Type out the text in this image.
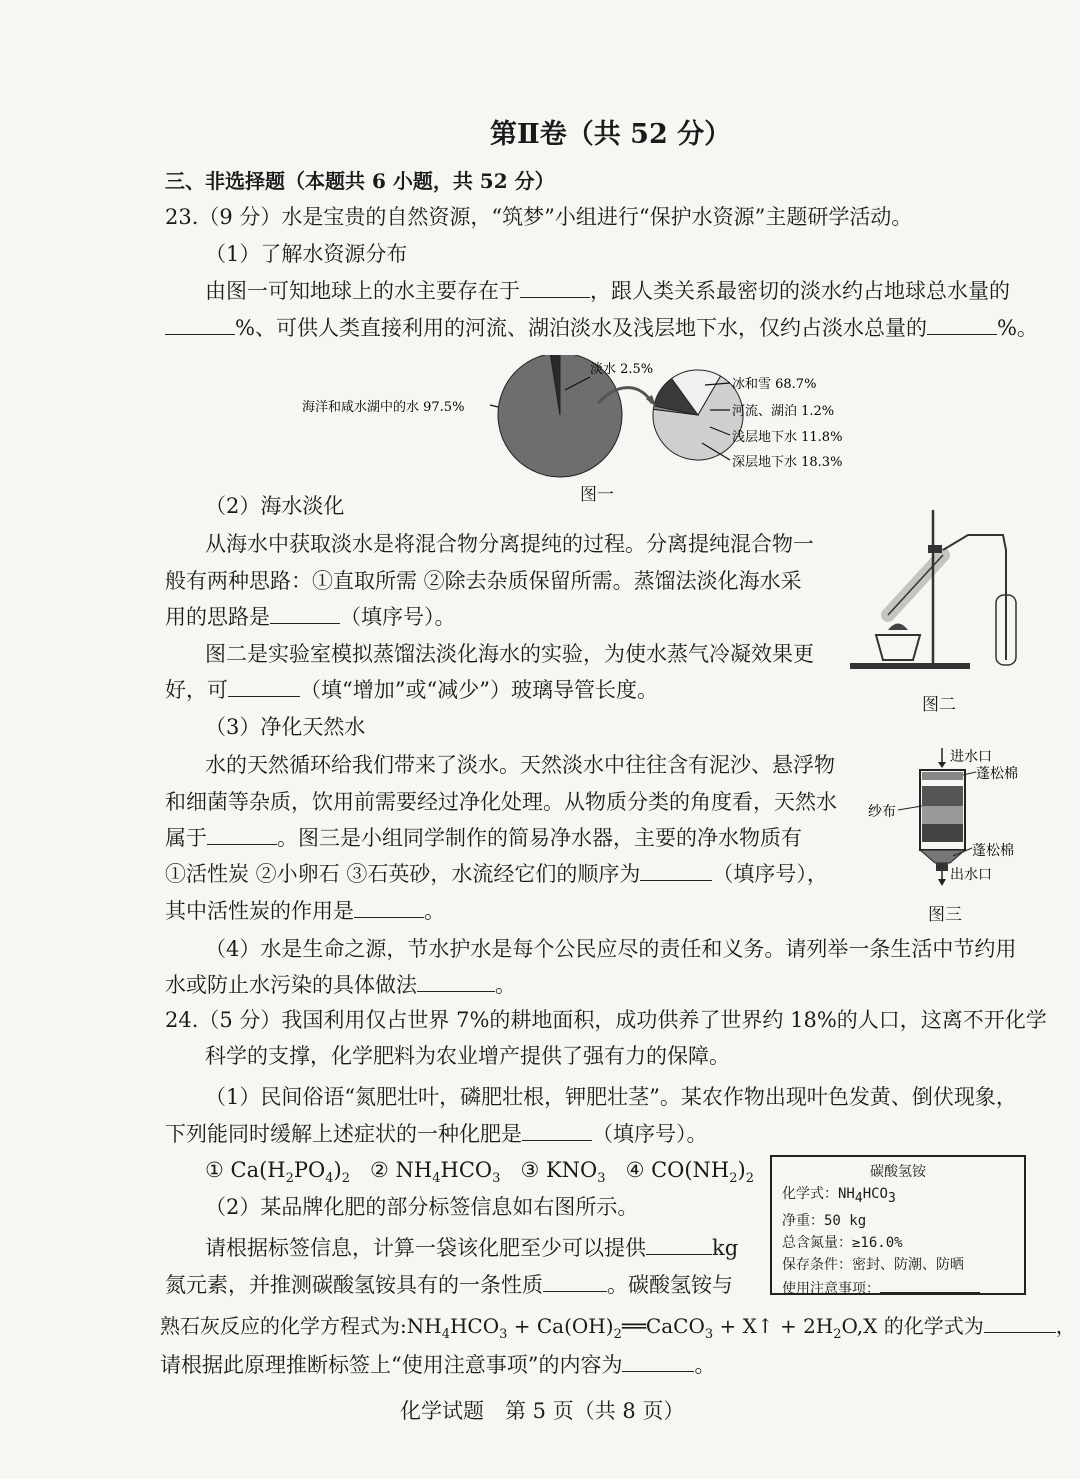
第Ⅱ卷（共 52 分）
三、非选择题（本题共 6 小题，共 52 分）
23.（9 分）水是宝贵的自然资源，“筑梦”小组进行“保护水资源”主题研学活动。
（1）了解水资源分布
由图一可知地球上的水主要存在于	，跟人类关系最密切的淡水约占地球总水量的
%、可供人类直接利用的河流、湖泊淡水及浅层地下水，仅约占淡水总量的	%。
海洋和咸水湖中的水 97.5%
淡水 2.5%
冰和雪 68.7%
河流、湖泊 1.2%
浅层地下水 11.8%
深层地下水 18.3%
图一
（2）海水淡化
从海水中获取淡水是将混合物分离提纯的过程。分离提纯混合物一
般有两种思路：①直取所需 ②除去杂质保留所需。蒸馏法淡化海水采
用的思路是	（填序号）。
图二是实验室模拟蒸馏法淡化海水的实验，为使水蒸气冷凝效果更
好，可	（填“增加”或“减少”）玻璃导管长度。
图二
（3）净化天然水
水的天然循环给我们带来了淡水。天然淡水中往往含有泥沙、悬浮物
和细菌等杂质，饮用前需要经过净化处理。从物质分类的角度看，天然水
属于	。图三是小组同学制作的简易净水器，主要的净水物质有
①活性炭 ②小卵石 ③石英砂，水流经它们的顺序为	（填序号），
其中活性炭的作用是	。
进水口
蓬松棉
纱布
蓬松棉
出水口
图三
（4）水是生命之源，节水护水是每个公民应尽的责任和义务。请列举一条生活中节约用
水或防止水污染的具体做法	。
24.（5 分）我国利用仅占世界 7%的耕地面积，成功供养了世界约 18%的人口，这离不开化学
科学的支撑，化学肥料为农业增产提供了强有力的保障。
（1）民间俗语“氮肥壮叶，磷肥壮根，钾肥壮茎”。某农作物出现叶色发黄、倒伏现象，
下列能同时缓解上述症状的一种化肥是	（填序号）。
① $Ca(H_2PO_4)_2$ ② $NH_4HCO_3$ ③ $KNO_3$ ④ $CO(NH_2)_2$
（2）某品牌化肥的部分标签信息如右图所示。
请根据标签信息，计算一袋该化肥至少可以提供	kg
氮元素，并推测碳酸氢铵具有的一条性质	。碳酸氢铵与
熟石灰反应的化学方程式为$:NH_4HCO_3$ + $Ca(OH)_2══CaCO_3$ + X↑ + $2H_2O,X$ 的化学式为	，
请根据此原理推断标签上“使用注意事项”的内容为	。
碳酸氢铵
化学式：$NH_4HCO_3$
净重：50 kg
总含氮量：≥16.0%
保存条件：密封、防潮、防晒
使用注意事项：
化学试题　第 5 页（共 8 页）
